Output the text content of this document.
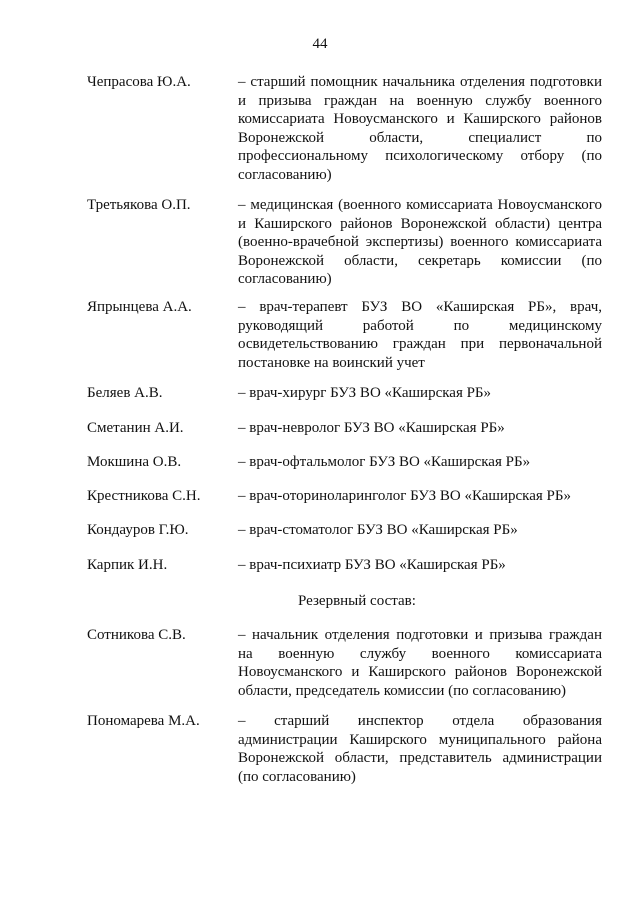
44
Чепрасова Ю.А.	– старший помощник начальника отделения подготовки и призыва граждан на военную службу военного комиссариата Новоусманского и Каширского районов Воронежской области, специалист по профессиональному психологическому отбору (по согласованию)
Третьякова О.П.	– медицинская (военного комиссариата Новоусманского и Каширского районов Воронежской области) центра (военно-врачебной экспертизы) военного комиссариата Воронежской области, секретарь комиссии (по согласованию)
Япрынцева А.А.	– врач-терапевт БУЗ ВО «Каширская РБ», врач, руководящий работой по медицинскому освидетельствованию граждан при первоначальной постановке на воинский учет
Беляев А.В.	– врач-хирург БУЗ ВО «Каширская РБ»
Сметанин А.И.	– врач-невролог БУЗ ВО «Каширская РБ»
Мокшина О.В.	– врач-офтальмолог БУЗ ВО «Каширская РБ»
Крестникова С.Н.	– врач-оториноларинголог БУЗ ВО «Каширская РБ»
Кондауров Г.Ю.	– врач-стоматолог БУЗ ВО «Каширская РБ»
Карпик И.Н.	– врач-психиатр БУЗ ВО «Каширская РБ»
Резервный состав:
Сотникова С.В.	– начальник отделения подготовки и призыва граждан на военную службу военного комиссариата Новоусманского и Каширского районов Воронежской области, председатель комиссии (по согласованию)
Пономарева М.А.	– старший инспектор отдела образования администрации Каширского муниципального района Воронежской области, представитель администрации (по согласованию)
